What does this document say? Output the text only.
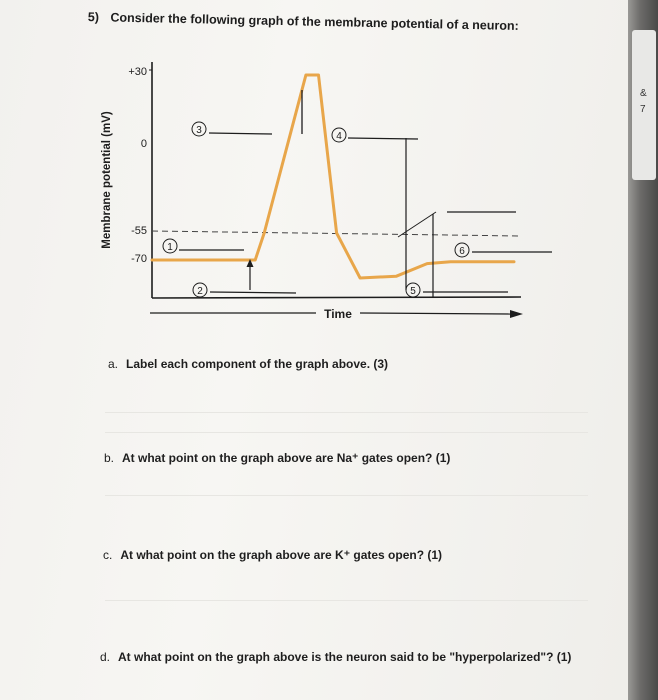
&
7
5) Consider the following graph of the membrane potential of a neuron:
Membrane potential (mV)
+30
0
-55
-70
1
2
3
4
5
6
Time
a. Label each component of the graph above. (3)
b. At what point on the graph above are Na⁺ gates open? (1)
c. At what point on the graph above are K⁺ gates open? (1)
d. At what point on the graph above is the neuron said to be "hyperpolarized"? (1)
